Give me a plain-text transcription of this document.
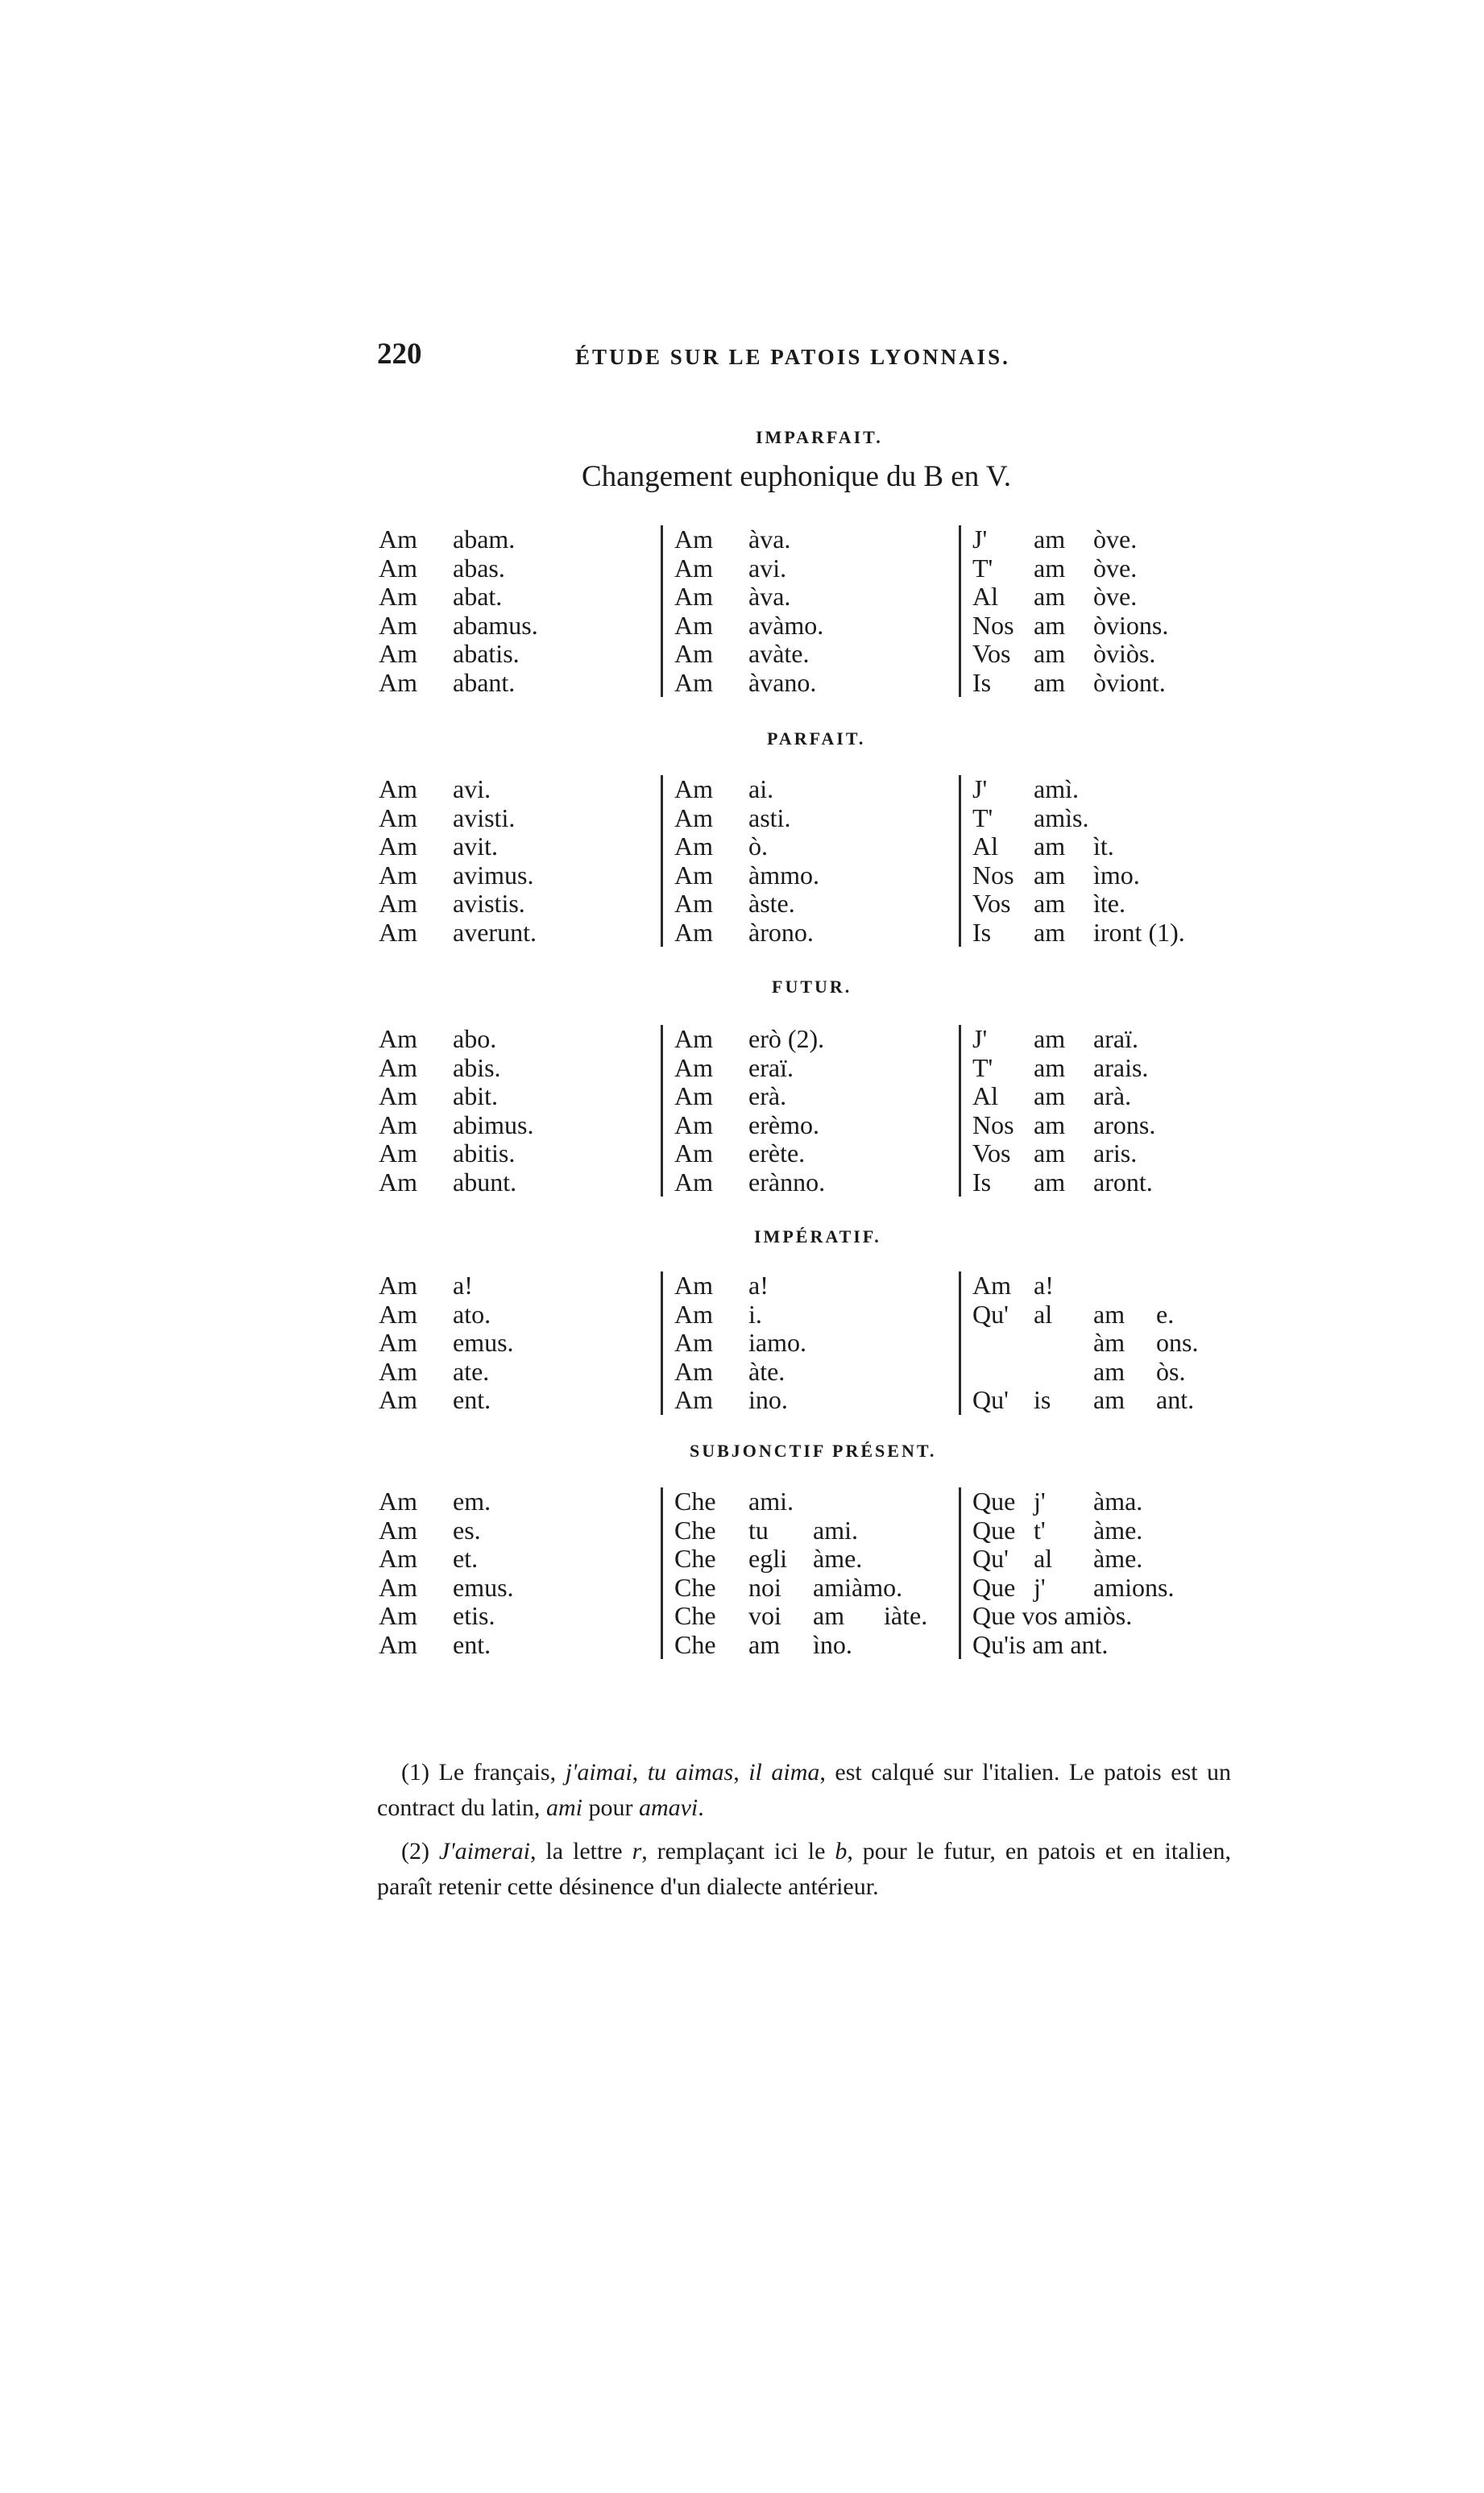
220	ÉTUDE SUR LE PATOIS LYONNAIS.
IMPARFAIT.
Changement euphonique du B en V.
Am abam.
Am abas.
Am abat.
Am abamus.
Am abatis.
Am abant.
Am àva.
Am avi.
Am àva.
Am avàmo.
Am avàte.
Am àvano.
J' am òve.
T' am òve.
Al am òve.
Nos am òvions.
Vos am òviòs.
Is am òviont.
PARFAIT.
Am avi.
Am avisti.
Am avit.
Am avimus.
Am avistis.
Am averunt.
Am ai.
Am asti.
Am ò.
Am àmmo.
Am àste.
Am àrono.
J' amì.
T' amìs.
Al am ìt.
Nos am ìmo.
Vos am ìte.
Is am iront (1).
FUTUR.
Am abo.
Am abis.
Am abit.
Am abimus.
Am abitis.
Am abunt.
Am erò (2).
Am eraï.
Am erà.
Am erèmo.
Am erète.
Am erànno.
J' am araï.
T' am arais.
Al am arà.
Nos am arons.
Vos am aris.
Is am aront.
IMPÉRATIF.
Am a!
Am ato.
Am emus.
Am ate.
Am ent.
Am a!
Am i.
Am iamo.
Am àte.
Am ino.
Am a!
Qu' al am e.
àm ons.
am òs.
Qu' is am ant.
SUBJONCTIF PRÉSENT.
Am em.
Am es.
Am et.
Am emus.
Am etis.
Am ent.
Che ami.
Che tu ami.
Che egli àme.
Che noi amiàmo.
Che voi am iàte.
Che am ìno.
Que j' àma.
Que t' àme.
Qu' al àme.
Que j' amions.
Que vos amiòs.
Qu'is am ant.

(1) Le français, j'aimai, tu aimas, il aima, est calqué sur l'italien. Le patois est un contract du latin, ami pour amavi.

(2) J'aimerai, la lettre r, remplaçant ici le b, pour le futur, en patois et en italien, paraît retenir cette désinence d'un dialecte antérieur.
